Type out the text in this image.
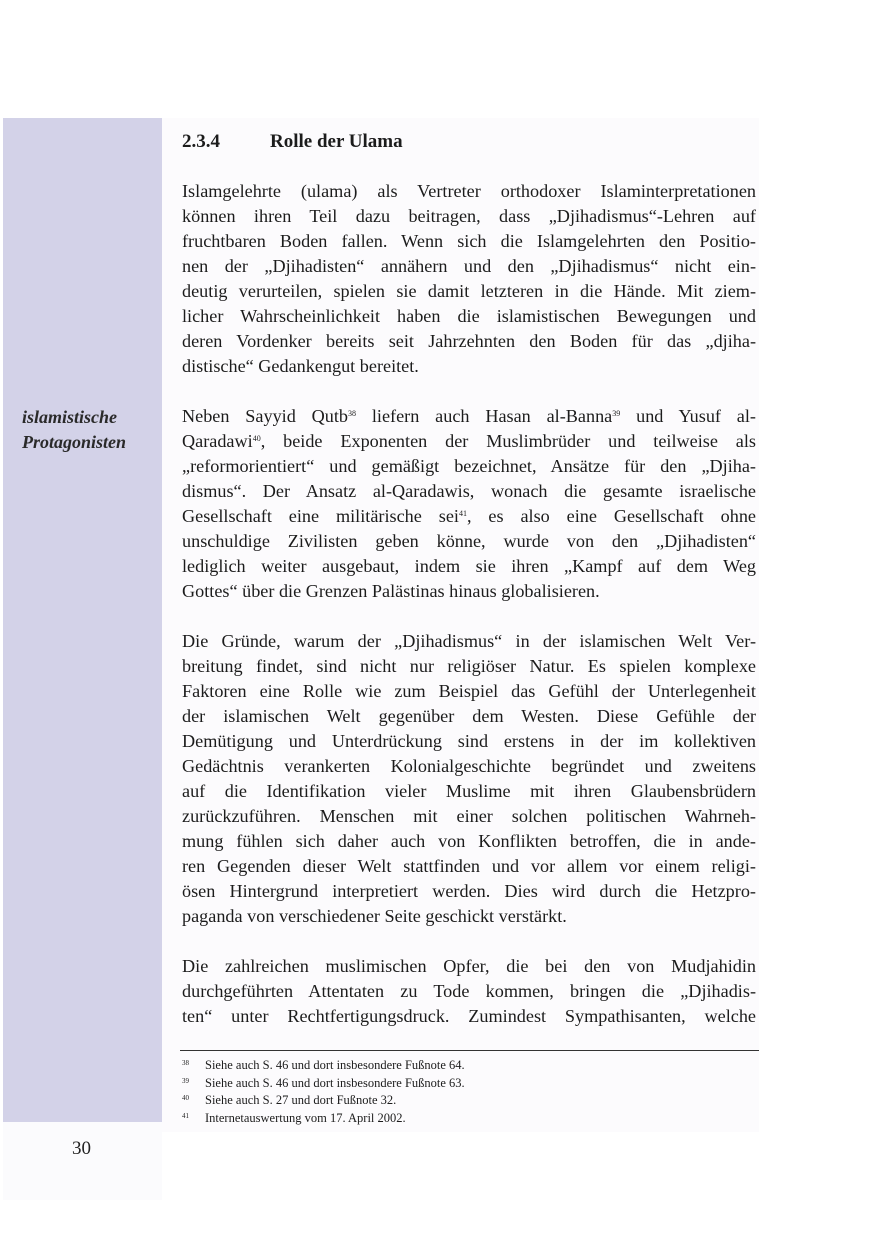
islamistische
Protagonisten
2.3.4	Rolle der Ulama
Islamgelehrte (ulama) als Vertreter orthodoxer Islaminterpretationen
können ihren Teil dazu beitragen, dass „Djihadismus“-Lehren auf
fruchtbaren Boden fallen. Wenn sich die Islamgelehrten den Positio-
nen der „Djihadisten“ annähern und den „Djihadismus“ nicht ein-
deutig verurteilen, spielen sie damit letzteren in die Hände. Mit ziem-
licher Wahrscheinlichkeit haben die islamistischen Bewegungen und
deren Vordenker bereits seit Jahrzehnten den Boden für das „djiha-
distische“ Gedankengut bereitet.
Neben Sayyid Qutb$^{38}$ liefern auch Hasan al-Banna$^{39}$ und Yusuf al-
Qaradawi$^{40}$, beide Exponenten der Muslimbrüder und teilweise als
„reformorientiert“ und gemäßigt bezeichnet, Ansätze für den „Djiha-
dismus“. Der Ansatz al-Qaradawis, wonach die gesamte israelische
Gesellschaft eine militärische sei$^{41}$, es also eine Gesellschaft ohne
unschuldige Zivilisten geben könne, wurde von den „Djihadisten“
lediglich weiter ausgebaut, indem sie ihren „Kampf auf dem Weg
Gottes“ über die Grenzen Palästinas hinaus globalisieren.
Die Gründe, warum der „Djihadismus“ in der islamischen Welt Ver-
breitung findet, sind nicht nur religiöser Natur. Es spielen komplexe
Faktoren eine Rolle wie zum Beispiel das Gefühl der Unterlegenheit
der islamischen Welt gegenüber dem Westen. Diese Gefühle der
Demütigung und Unterdrückung sind erstens in der im kollektiven
Gedächtnis verankerten Kolonialgeschichte begründet und zweitens
auf die Identifikation vieler Muslime mit ihren Glaubensbrüdern
zurückzuführen. Menschen mit einer solchen politischen Wahrneh-
mung fühlen sich daher auch von Konflikten betroffen, die in ande-
ren Gegenden dieser Welt stattfinden und vor allem vor einem religi-
ösen Hintergrund interpretiert werden. Dies wird durch die Hetzpro-
paganda von verschiedener Seite geschickt verstärkt.
Die zahlreichen muslimischen Opfer, die bei den von Mudjahidin
durchgeführten Attentaten zu Tode kommen, bringen die „Djihadis-
ten“ unter Rechtfertigungsdruck. Zumindest Sympathisanten, welche
38	Siehe auch S. 46 und dort insbesondere Fußnote 64.
39	Siehe auch S. 46 und dort insbesondere Fußnote 63.
40	Siehe auch S. 27 und dort Fußnote 32.
41	Internetauswertung vom 17. April 2002.
30
